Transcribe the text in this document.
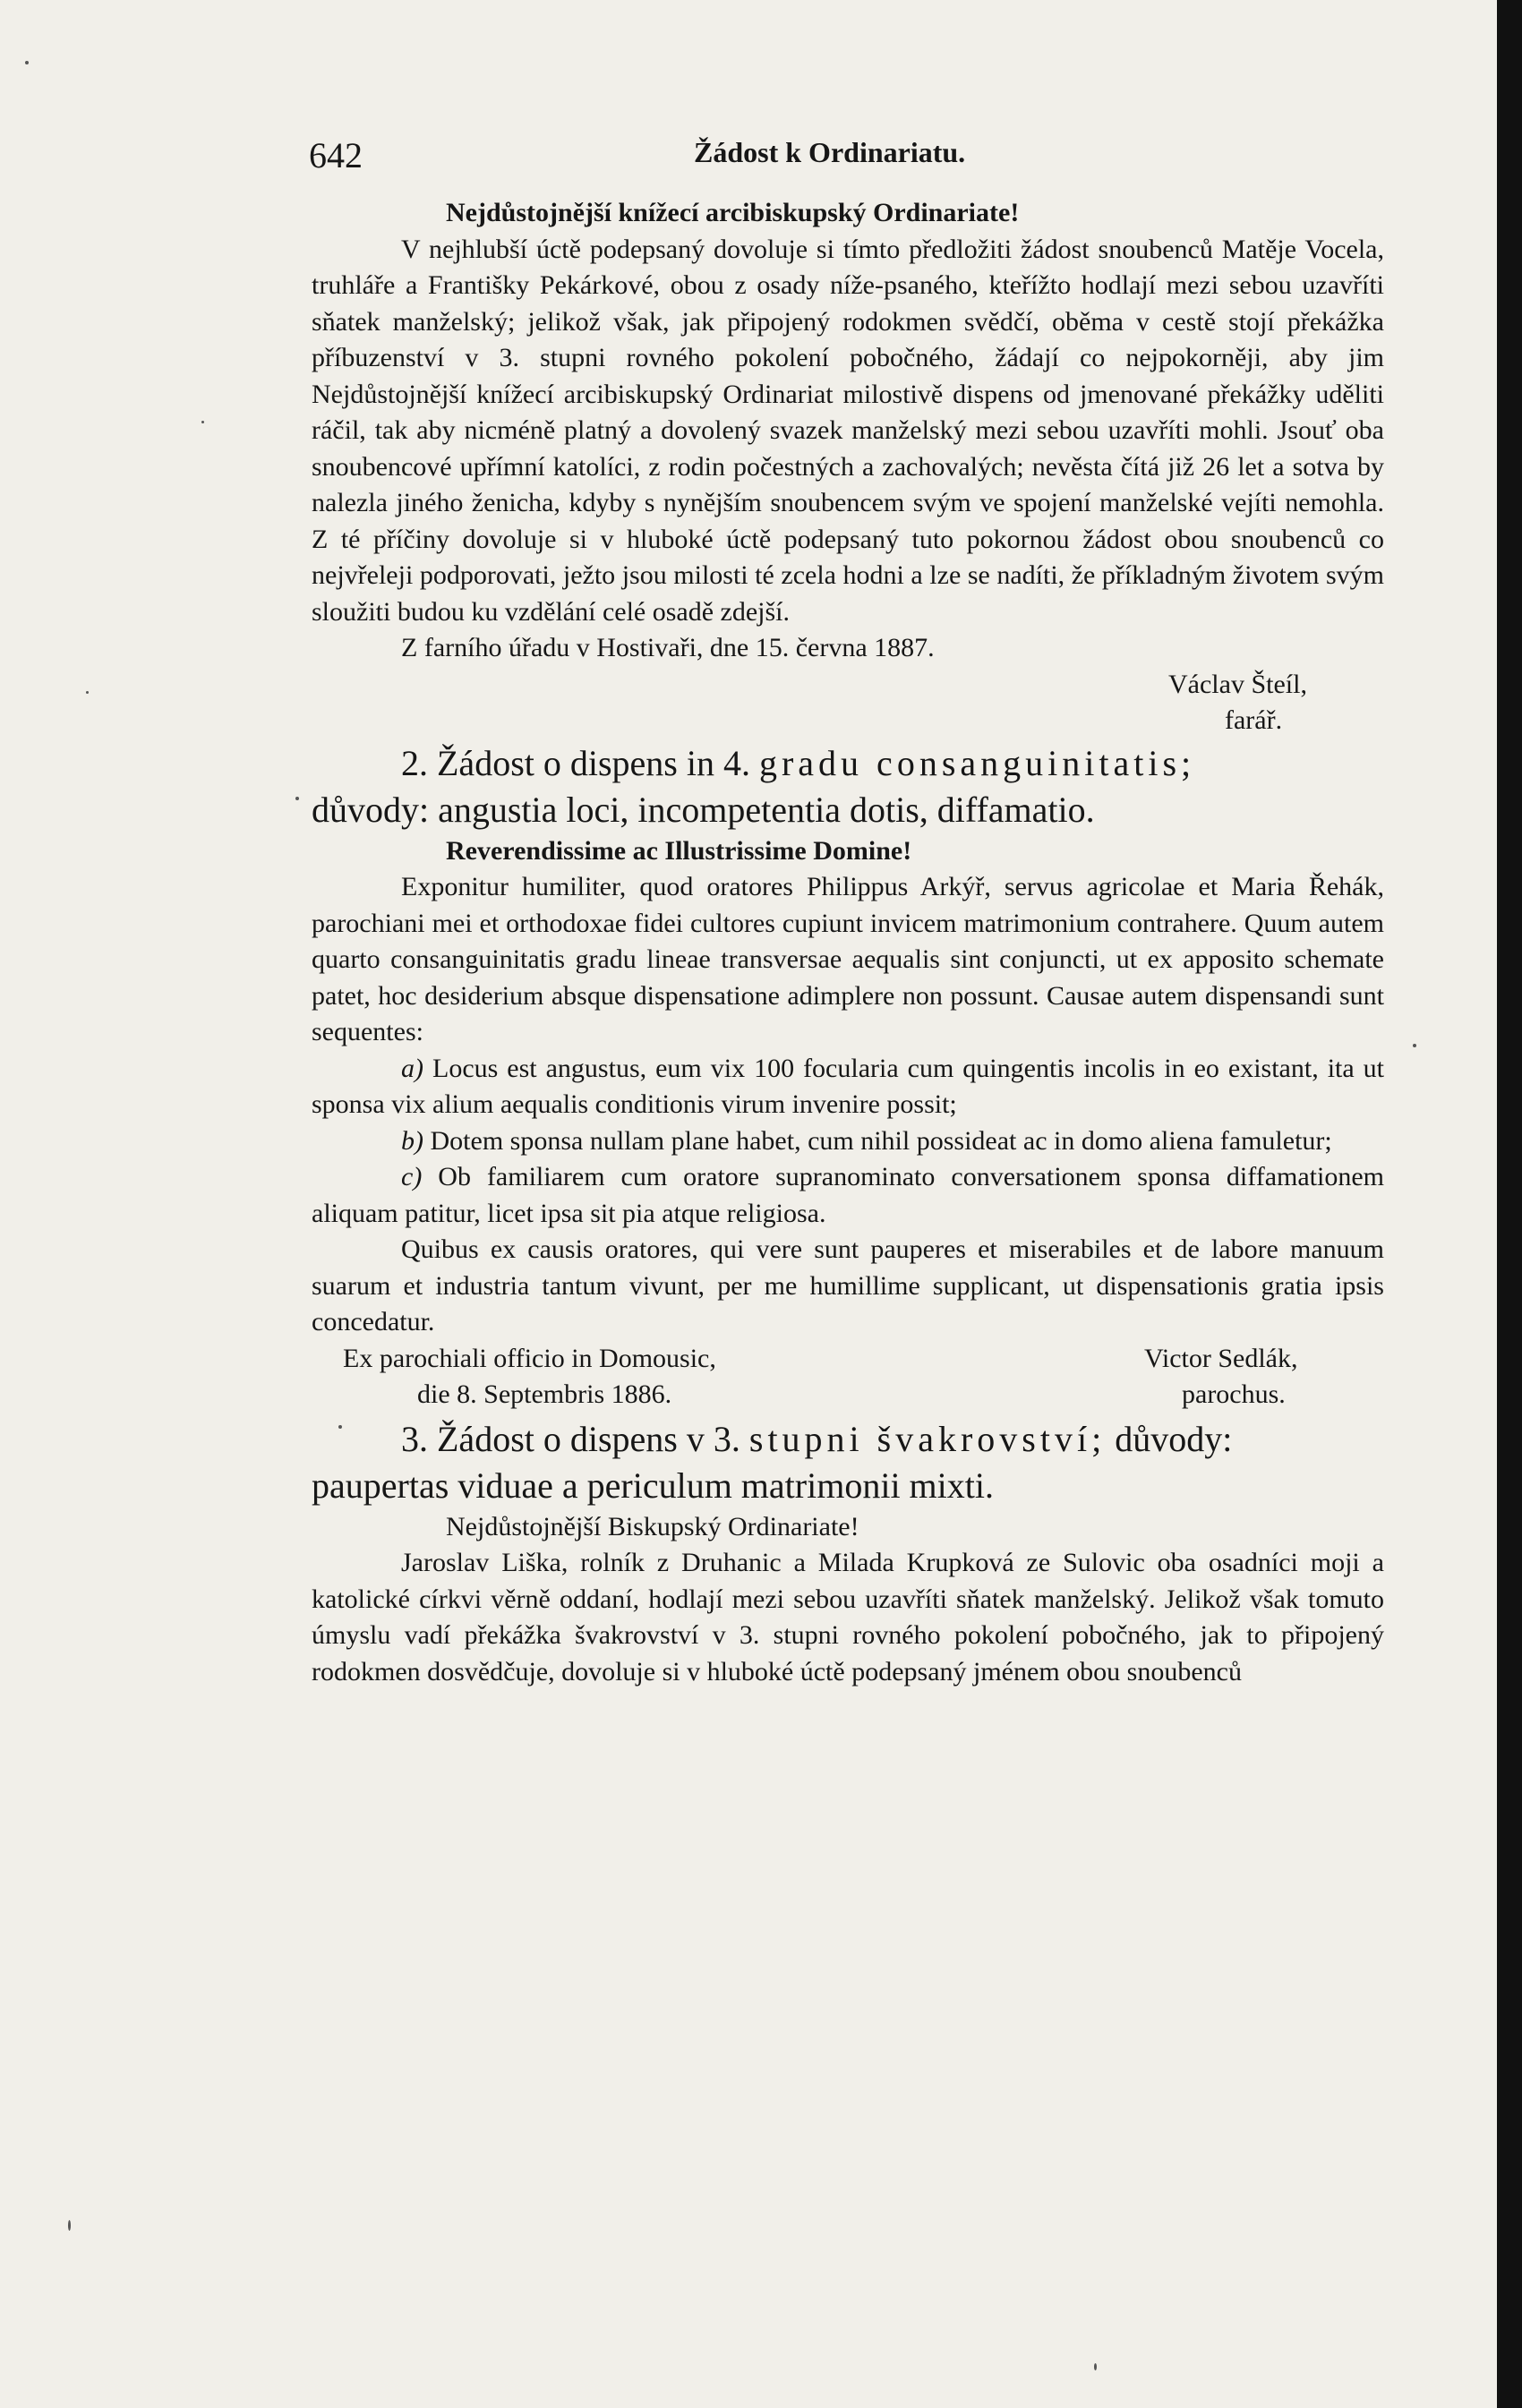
642	Žádost k Ordinariatu.

Nejdůstojnější knížecí arcibiskupský Ordinariate!

V nejhlubší úctě podepsaný dovoluje si tímto předložiti žádost snoubenců Matěje Vocela, truhláře a Františky Pekárkové, obou z osady níže-psaného, kteřížto hodlají mezi sebou uzavříti sňatek manželský; jelikož však, jak připojený rodokmen svědčí, oběma v cestě stojí překážka příbuzenství v 3. stupni rovného pokolení pobočného, žádají co nejpokorněji, aby jim Nejdůstojnější knížecí arcibiskupský Ordinariat milostivě dispens od jmenované překážky uděliti ráčil, tak aby nicméně platný a dovolený svazek manželský mezi sebou uzavříti mohli. Jsouť oba snoubencové upřímní katolíci, z rodin počestných a zachovalých; nevěsta čítá již 26 let a sotva by nalezla jiného ženicha, kdyby s nynějším snoubencem svým ve spojení manželské vejíti nemohla. Z té příčiny dovoluje si v hluboké úctě podepsaný tuto pokornou žádost obou snoubenců co nejvřeleji podporovati, ježto jsou milosti té zcela hodni a lze se nadíti, že příkladným životem svým sloužiti budou ku vzdělání celé osadě zdejší.

Z farního úřadu v Hostivaři, dne 15. června 1887.

Václav Šteíl,
farář.

2. Žádost o dispens in 4. gradu consanguinitatis;
důvody: angustia loci, incompetentia dotis, diffamatio.

Reverendissime ac Illustrissime Domine!

Exponitur humiliter, quod oratores Philippus Arkýř, servus agricolae et Maria Řehák, parochiani mei et orthodoxae fidei cultores cupiunt invicem matrimonium contrahere. Quum autem quarto consanguinitatis gradu lineae transversae aequalis sint conjuncti, ut ex apposito schemate patet, hoc desiderium absque dispensatione adimplere non possunt. Causae autem dispensandi sunt sequentes:

a) Locus est angustus, eum vix 100 focularia cum quingentis incolis in eo existant, ita ut sponsa vix alium aequalis conditionis virum invenire possit;

b) Dotem sponsa nullam plane habet, cum nihil possideat ac in domo aliena famuletur;

c) Ob familiarem cum oratore supranominato conversationem sponsa diffamationem aliquam patitur, licet ipsa sit pia atque religiosa.

Quibus ex causis oratores, qui vere sunt pauperes et miserabiles et de labore manuum suarum et industria tantum vivunt, per me humillime supplicant, ut dispensationis gratia ipsis concedatur.

Ex parochiali officio in Domousic,
die 8. Septembris 1886.
Victor Sedlák,
parochus.

3. Žádost o dispens v 3. stupni švakrovství; důvody:
paupertas viduae a periculum matrimonii mixti.

Nejdůstojnější Biskupský Ordinariate!

Jaroslav Liška, rolník z Druhanic a Milada Krupková ze Sulovic oba osadníci moji a katolické církvi věrně oddaní, hodlají mezi sebou uzavříti sňatek manželský. Jelikož však tomuto úmyslu vadí překážka švakrovství v 3. stupni rovného pokolení pobočného, jak to připojený rodokmen dosvědčuje, dovoluje si v hluboké úctě podepsaný jménem obou snoubenců
